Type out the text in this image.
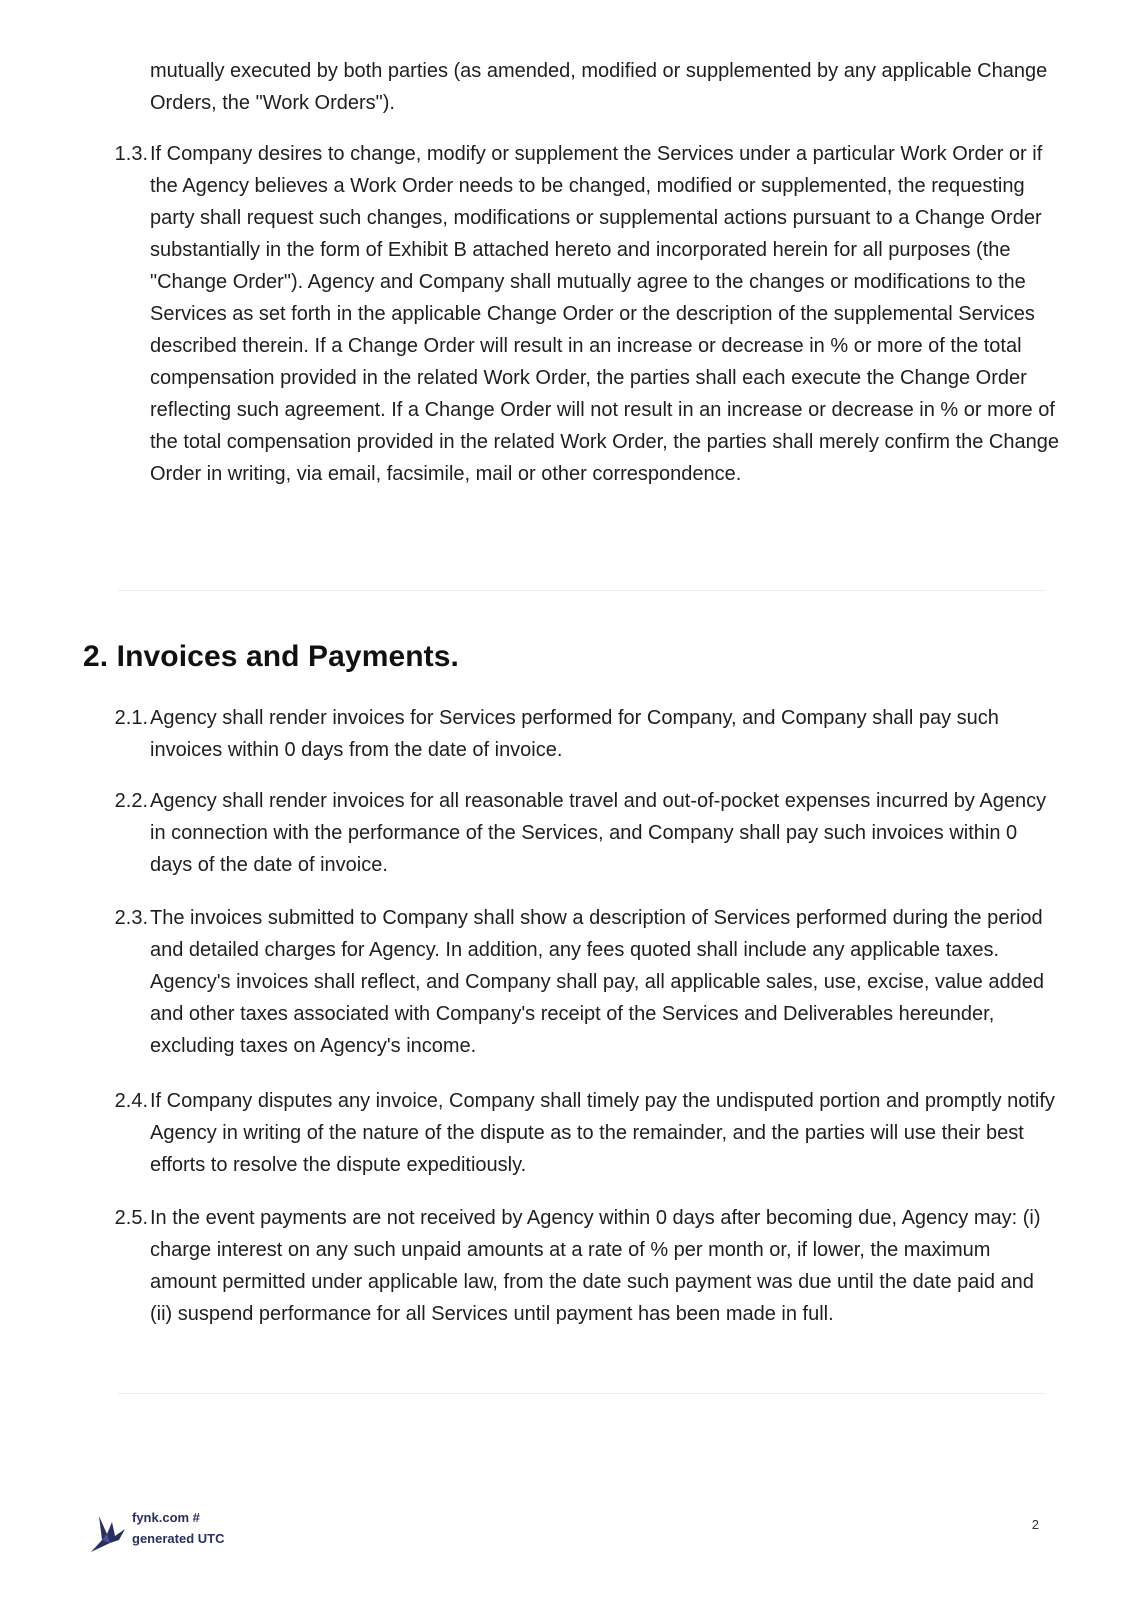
mutually executed by both parties (as amended, modified or supplemented by any applicable Change Orders, the "Work Orders").
1.3. If Company desires to change, modify or supplement the Services under a particular Work Order or if the Agency believes a Work Order needs to be changed, modified or supplemented, the requesting party shall request such changes, modifications or supplemental actions pursuant to a Change Order substantially in the form of Exhibit B attached hereto and incorporated herein for all purposes (the "Change Order"). Agency and Company shall mutually agree to the changes or modifications to the Services as set forth in the applicable Change Order or the description of the supplemental Services described therein. If a Change Order will result in an increase or decrease in % or more of the total compensation provided in the related Work Order, the parties shall each execute the Change Order reflecting such agreement. If a Change Order will not result in an increase or decrease in % or more of the total compensation provided in the related Work Order, the parties shall merely confirm the Change Order in writing, via email, facsimile, mail or other correspondence.
2. Invoices and Payments.
2.1. Agency shall render invoices for Services performed for Company, and Company shall pay such invoices within 0 days from the date of invoice.
2.2. Agency shall render invoices for all reasonable travel and out-of-pocket expenses incurred by Agency in connection with the performance of the Services, and Company shall pay such invoices within 0 days of the date of invoice.
2.3. The invoices submitted to Company shall show a description of Services performed during the period and detailed charges for Agency. In addition, any fees quoted shall include any applicable taxes. Agency's invoices shall reflect, and Company shall pay, all applicable sales, use, excise, value added and other taxes associated with Company's receipt of the Services and Deliverables hereunder, excluding taxes on Agency's income.
2.4. If Company disputes any invoice, Company shall timely pay the undisputed portion and promptly notify Agency in writing of the nature of the dispute as to the remainder, and the parties will use their best efforts to resolve the dispute expeditiously.
2.5. In the event payments are not received by Agency within 0 days after becoming due, Agency may: (i) charge interest on any such unpaid amounts at a rate of % per month or, if lower, the maximum amount permitted under applicable law, from the date such payment was due until the date paid and (ii) suspend performance for all Services until payment has been made in full.
fynk.com #
generated UTC
2
